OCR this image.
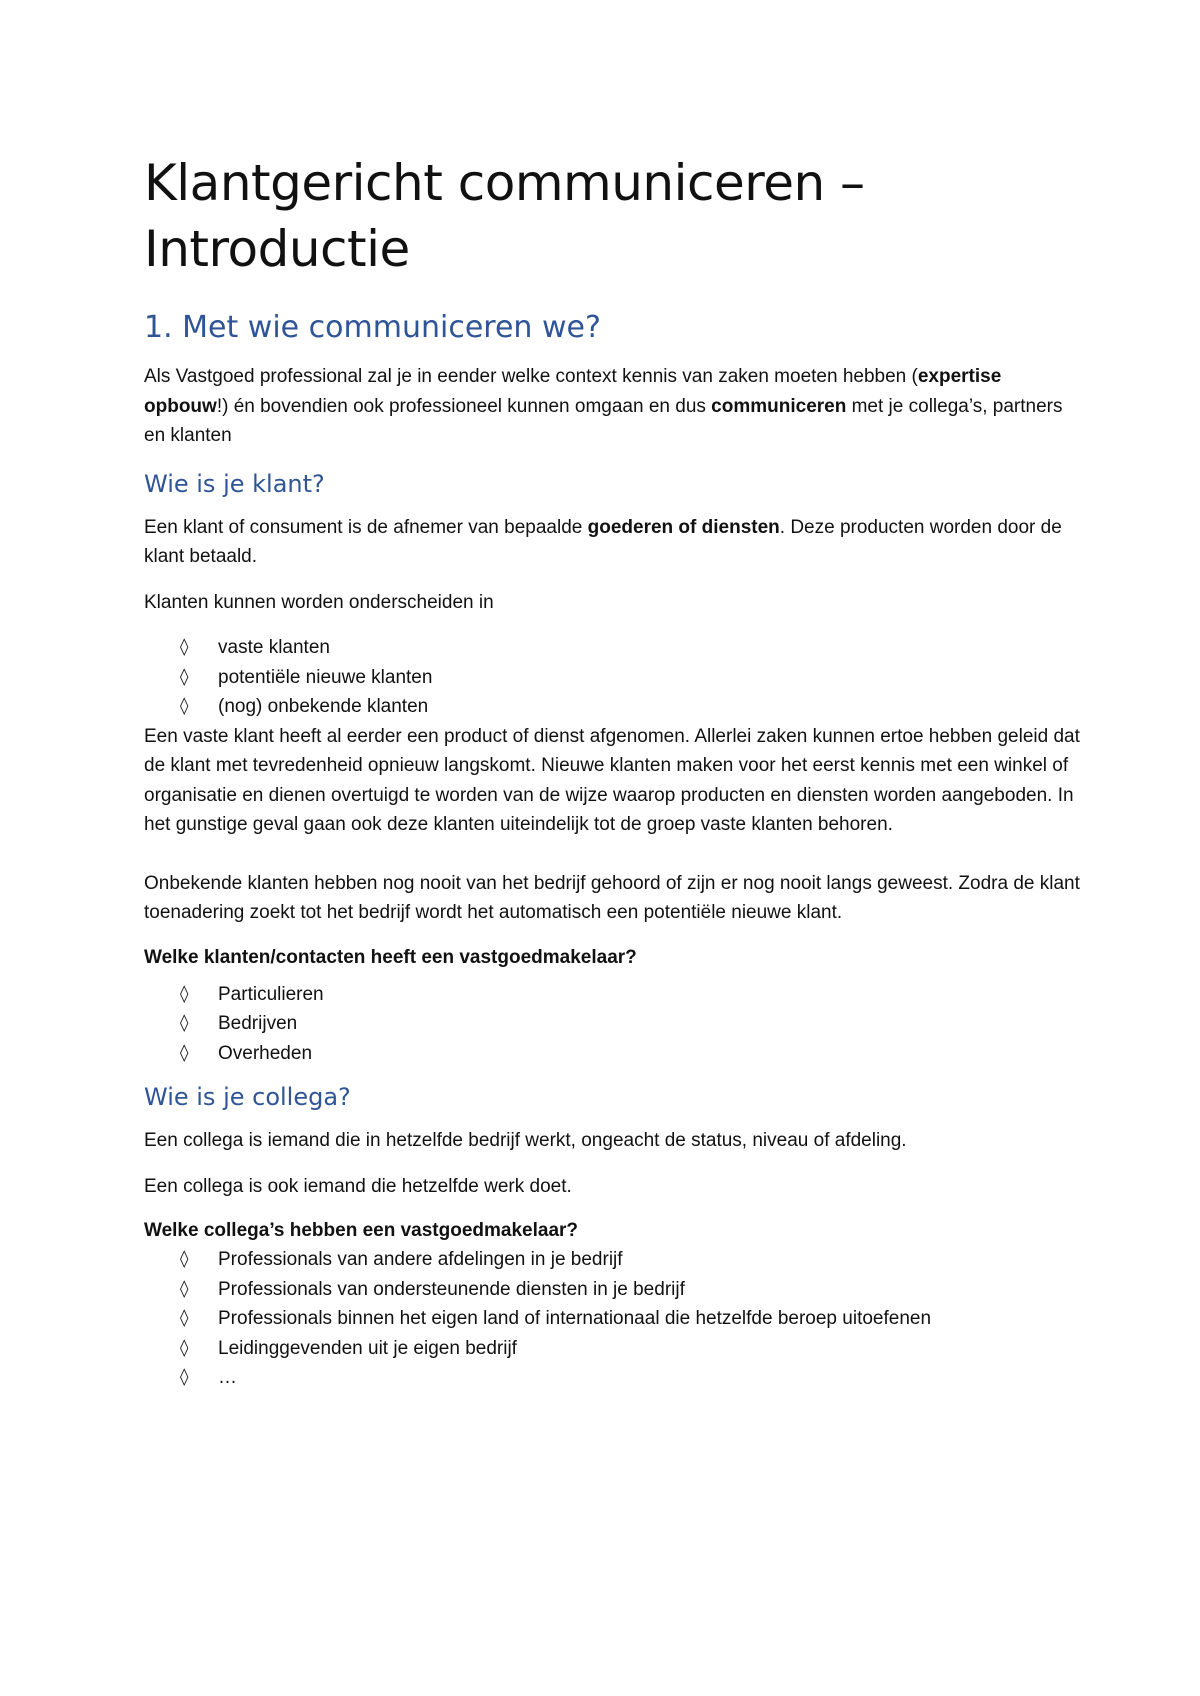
Klantgericht communiceren – Introductie
1. Met wie communiceren we?

Als Vastgoed professional zal je in eender welke context kennis van zaken moeten hebben (expertise opbouw!) én bovendien ook professioneel kunnen omgaan en dus communiceren met je collega’s, partners en klanten

Wie is je klant?

Een klant of consument is de afnemer van bepaalde goederen of diensten. Deze producten worden door de klant betaald.

Klanten kunnen worden onderscheiden in

◊ vaste klanten
◊ potentiële nieuwe klanten
◊ (nog) onbekende klanten

Een vaste klant heeft al eerder een product of dienst afgenomen. Allerlei zaken kunnen ertoe hebben geleid dat de klant met tevredenheid opnieuw langskomt. Nieuwe klanten maken voor het eerst kennis met een winkel of organisatie en dienen overtuigd te worden van de wijze waarop producten en diensten worden aangeboden. In het gunstige geval gaan ook deze klanten uiteindelijk tot de groep vaste klanten behoren.

Onbekende klanten hebben nog nooit van het bedrijf gehoord of zijn er nog nooit langs geweest. Zodra de klant toenadering zoekt tot het bedrijf wordt het automatisch een potentiële nieuwe klant.

Welke klanten/contacten heeft een vastgoedmakelaar?
◊ Particulieren
◊ Bedrijven
◊ Overheden
Wie is je collega?

Een collega is iemand die in hetzelfde bedrijf werkt, ongeacht de status, niveau of afdeling.

Een collega is ook iemand die hetzelfde werk doet.

Welke collega’s hebben een vastgoedmakelaar?
◊ Professionals van andere afdelingen in je bedrijf
◊ Professionals van ondersteunende diensten in je bedrijf
◊ Professionals binnen het eigen land of internationaal die hetzelfde beroep uitoefenen
◊ Leidinggevenden uit je eigen bedrijf
◊ …
